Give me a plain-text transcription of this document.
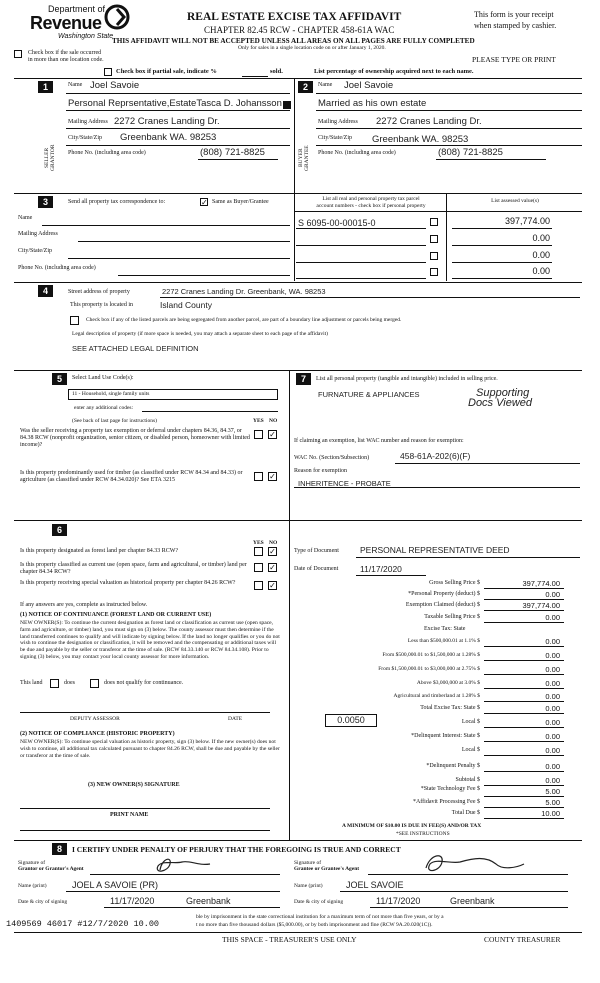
Department of
Revenue
Washington State
REAL ESTATE EXCISE TAX AFFIDAVIT
CHAPTER 82.45 RCW - CHAPTER 458-61A WAC
Only for sales in a single location code on or after January 1, 2020.
THIS AFFIDAVIT WILL NOT BE ACCEPTED UNLESS ALL AREAS ON ALL PAGES ARE FULLY COMPLETED
This form is your receipt
when stamped by cashier.
PLEASE TYPE OR PRINT
Check box if the sale occurred
in more than one location code.
Check box if partial sale, indicate %	sold.	List percentage of ownership acquired next to each name.
1
SELLER GRANTOR
Name Joel Savoie
Personal Reprsentative,EstateTasca D. Johansson
Mailing Address 2272 Cranes Landing Dr.
City/State/Zip Greenbank WA. 98253
Phone No. (including area code)	(808) 721-8825
2
BUYER GRANTEE
Name Joel Savoie
Married as his own estate
Mailing Address 2272 Cranes Landing Dr.
City/State/Zip Greenbank WA. 98253
Phone No. (including area code)	(808) 721-8825
3	Send all property tax correspondence to:	✓ Same as Buyer/Grantee	List all real and personal property tax parcel
account numbers - check box if personal property
List assessed value(s)
Name
Mailing Address
City/State/Zip
Phone No. (including area code)
S 6095-00-00015-0	397,774.00
0.00
0.00
0.00
4	Street address of property	2272 Cranes Landing Dr. Greenbank, WA. 98253
This property is located in	Island County
Check box if any of the listed parcels are being segregated from another parcel, are part of a boundary line adjustment or parcels being merged.
Legal description of property (if more space is needed, you may attach a separate sheet to each page of the affidavit)
SEE ATTACHED LEGAL DEFINITION
5	Select Land Use Code(s):
11 - Household, single family units
enter any additional codes:
(See back of last page for instructions)	YES NO
Was the seller receiving a property tax exemption or deferral under chapters 84.36, 84.37, or 84.38 RCW (nonprofit organization, senior citizen, or disabled person, homeowner with limited income)?
✓
Is this property predominantly used for timber (as classified under RCW 84.34 and 84.33) or agriculture (as classified under RCW 84.34.020)? See ETA 3215	✓
7	List all personal property (tangible and intangible) included in selling price.
FURNATURE & APPLIANCES	Supporting
Docs Viewed
If claiming an exemption, list WAC number and reason for exemption:
WAC No. (Section/Subsection)	458-61A-202(6)(F)
Reason for exemption
INHERITENCE - PROBATE
6
YES NO
Is this property designated as forest land per chapter 84.33 RCW?	✓
Is this property classified as current use (open space, farm and agricultural, or timber) land per chapter 84.34 RCW?	✓
Is this property receiving special valuation as historical property per chapter 84.26 RCW?	✓
If any answers are yes, complete as instructed below.
(1) NOTICE OF CONTINUANCE (FOREST LAND OR CURRENT USE)
NEW OWNER(S): To continue the current designation as forest land or classification as current use (open space, farm and agriculture, or timber) land, you must sign on (3) below. The county assessor must then determine if the land transferred continues to qualify and will indicate by signing below. If the land no longer qualifies or you do not wish to continue the designation or classification, it will be removed and the compensating or additional taxes will be due and payable by the seller or transferor at the time of sale. (RCW 84.33.140 or RCW 84.34.108). Prior to signing (3) below, you may contact your local county assessor for more information.
This land	does	does not qualify for continuance.
DEPUTY ASSESSOR	DATE
(2) NOTICE OF COMPLIANCE (HISTORIC PROPERTY)
NEW OWNER(S): To continue special valuation as historic property, sign (3) below. If the new owner(s) does not wish to continue, all additional tax calculated pursuant to chapter 84.26 RCW, shall be due and payable by the seller or transferor at the time of sale.
(3) NEW OWNER(S) SIGNATURE
PRINT NAME
Type of Document PERSONAL REPRESENTATIVE DEED
Date of Document	11/17/2020
Gross Selling Price $	397,774.00
*Personal Property (deduct) $	0.00
Exemption Claimed (deduct) $	397,774.00
Taxable Selling Price $	0.00
Excise Tax: State
Less than $500,000.01 at 1.1% $	0.00
From $500,000.01 to $1,500,000 at 1.28% $	0.00
From $1,500,000.01 to $3,000,000 at 2.75% $	0.00
Above $3,000,000 at 3.0% $	0.00
Agricultural and timberland at 1.28% $	0.00
Total Excise Tax: State $	0.00
0.0050	Local $	0.00
*Delinquent Interest: State $	0.00
Local $	0.00
*Delinquent Penalty $	0.00
Subtotal $	0.00
*State Technology Fee $	5.00
*Affidavit Processing Fee $	5.00
Total Due $	10.00
A MINIMUM OF $10.00 IS DUE IN FEE(S) AND/OR TAX
*SEE INSTRUCTIONS
8	I CERTIFY UNDER PENALTY OF PERJURY THAT THE FOREGOING IS TRUE AND CORRECT
Signature of
Grantor or Grantor's Agent
Signature of
Grantee or Grantee's Agent
Name (print)	JOEL A SAVOIE (PR)	Name (print)	JOEL SAVOIE
Date & city of signing	11/17/2020	Greenbank	Date & city of signing	11/17/2020	Greenbank
ble by imprisonment in the state correctional institution for a maximum term of not more than five years, or by a
t no more than five thousand dollars ($5,000.00), or by both imprisonment and fine (RCW 9A.20.020(1C)).
1409569 46017 #12/7/2020 10.00
THIS SPACE - TREASURER'S USE ONLY	COUNTY TREASURER
